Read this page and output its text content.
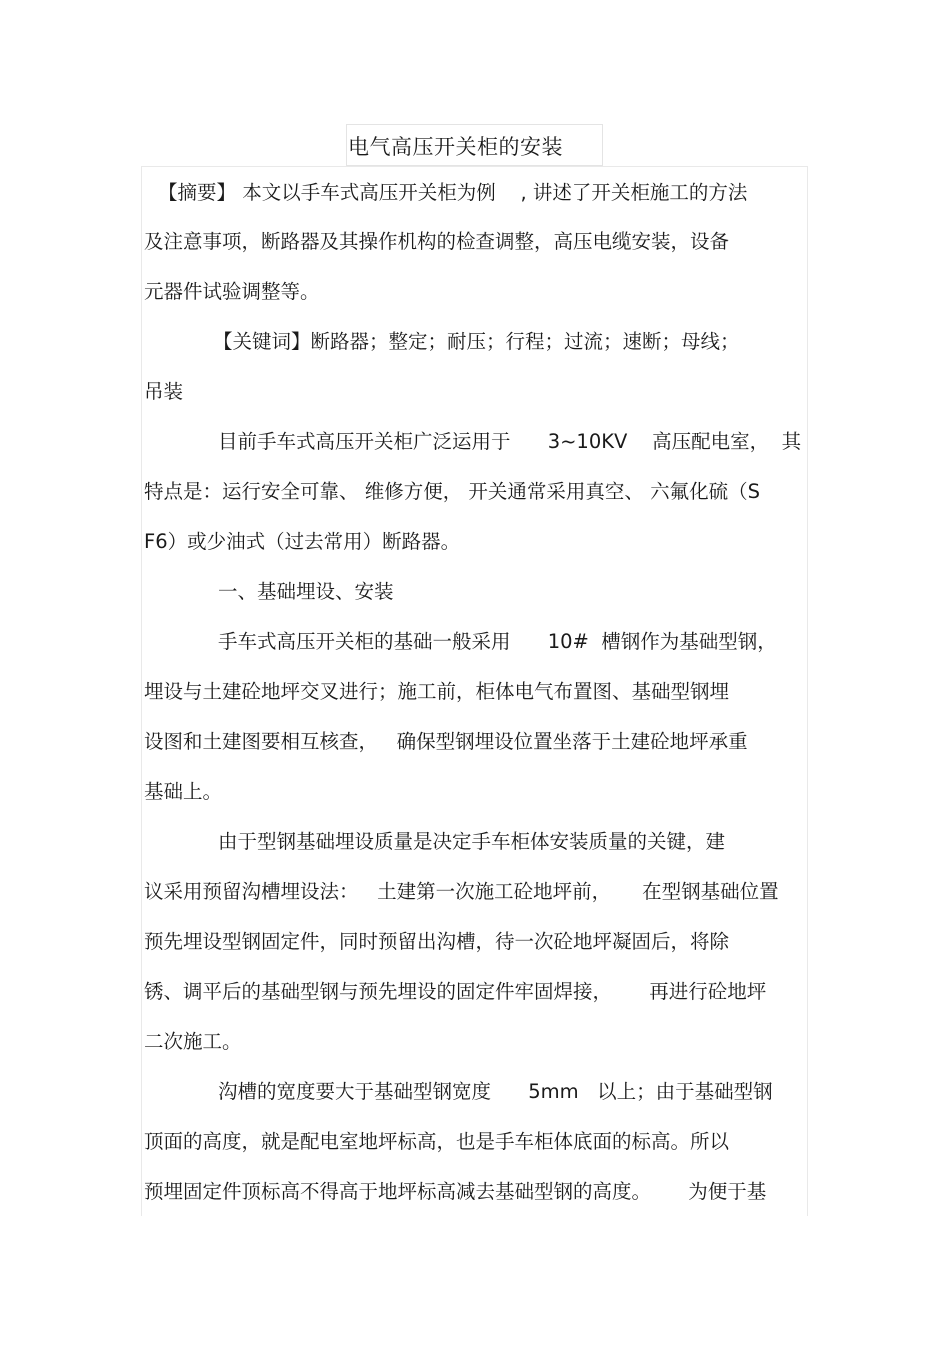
电气高压开关柜的安装
【摘要】 本文以手车式高压开关柜为例    , 讲述了开关柜施工的方法
及注意事项，断路器及其操作机构的检查调整，高压电缆安装，设备
元器件试验调整等。
【关键词】断路器；整定；耐压；行程；过流；速断；母线；
吊装
目前手车式高压开关柜广泛运用于      3~10KV    高压配电室，  其
特点是：运行安全可靠、 维修方便， 开关通常采用真空、 六氟化硫（S
F6）或少油式（过去常用）断路器。
一、基础埋设、安装
手车式高压开关柜的基础一般采用      10#  槽钢作为基础型钢，
埋设与土建砼地坪交叉进行；施工前，柜体电气布置图、基础型钢埋
设图和土建图要相互核查，   确保型钢埋设位置坐落于土建砼地坪承重
基础上。
由于型钢基础埋设质量是决定手车柜体安装质量的关键，建
议采用预留沟槽埋设法：   土建第一次施工砼地坪前，     在型钢基础位置
预先埋设型钢固定件，同时预留出沟槽，待一次砼地坪凝固后，将除
锈、调平后的基础型钢与预先埋设的固定件牢固焊接，      再进行砼地坪
二次施工。
沟槽的宽度要大于基础型钢宽度      5mm   以上；由于基础型钢
顶面的高度，就是配电室地坪标高，也是手车柜体底面的标高。所以
预埋固定件顶标高不得高于地坪标高减去基础型钢的高度。      为便于基
